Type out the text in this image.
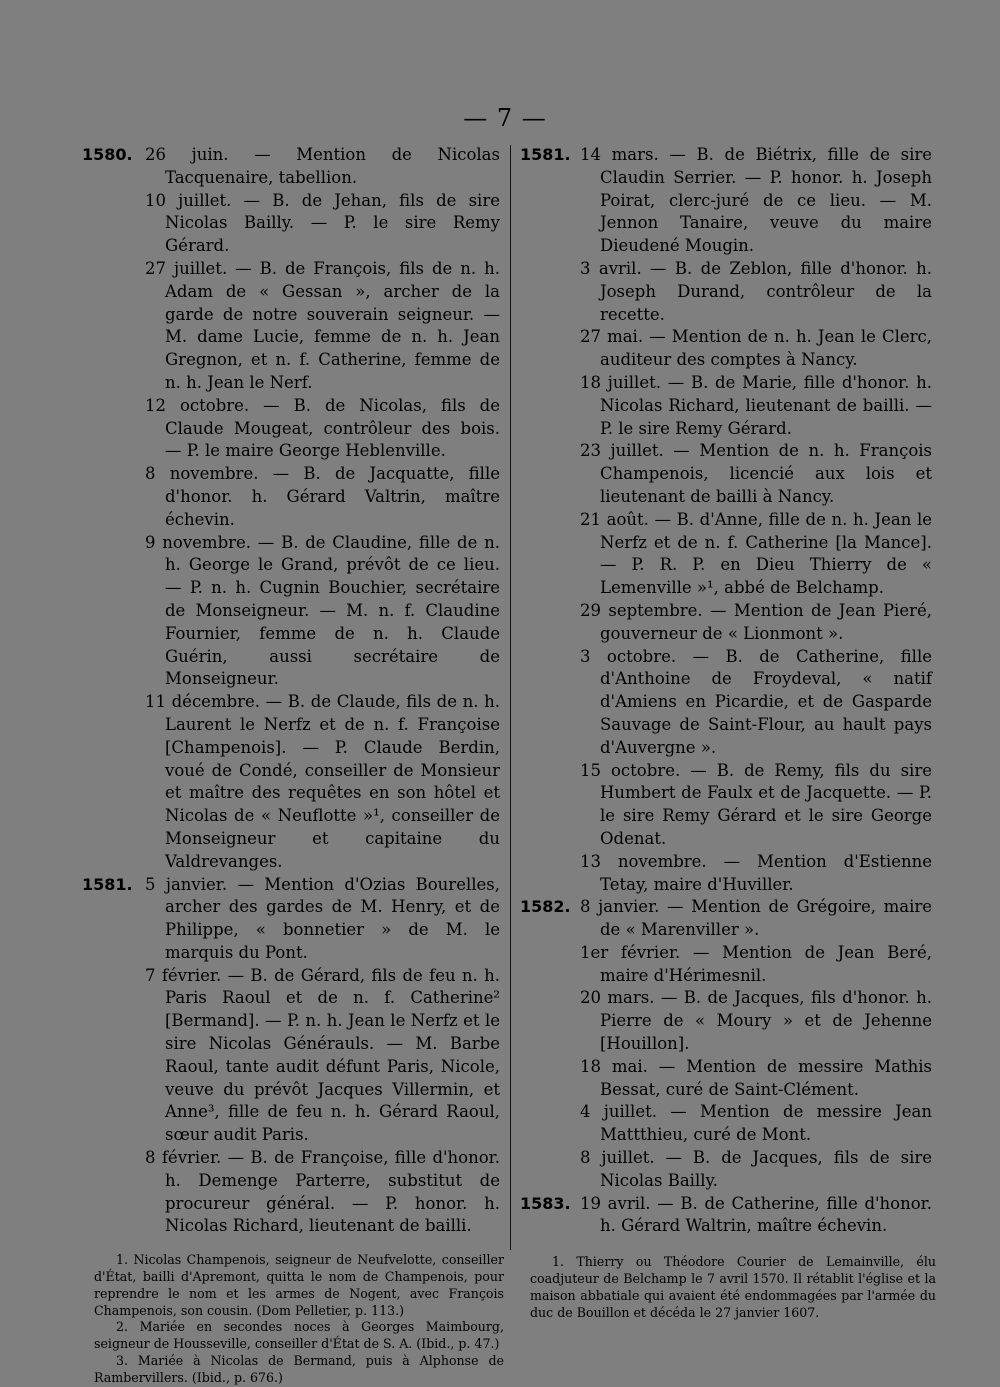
— 7 —
1580. 26 juin. — Mention de Nicolas Tacquenaire, tabellion.
10 juillet. — B. de Jehan, fils de sire Nicolas Bailly. — P. le sire Remy Gérard.
27 juillet. — B. de François, fils de n. h. Adam de « Gessan », archer de la garde de notre souverain seigneur. — M. dame Lucie, femme de n. h. Jean Gregnon, et n. f. Catherine, femme de n. h. Jean le Nerf.
12 octobre. — B. de Nicolas, fils de Claude Mougeat, contrôleur des bois. — P. le maire George Heblenville.
8 novembre. — B. de Jacquatte, fille d'honor. h. Gérard Valtrin, maître échevin.
9 novembre. — B. de Claudine, fille de n. h. George le Grand, prévôt de ce lieu. — P. n. h. Cugnin Bouchier, secrétaire de Monseigneur. — M. n. f. Claudine Fournier, femme de n. h. Claude Guérin, aussi secrétaire de Monseigneur.
11 décembre. — B. de Claude, fils de n. h. Laurent le Nerfz et de n. f. Françoise [Champenois]. — P. Claude Berdin, voué de Condé, conseiller de Monsieur et maître des requêtes en son hôtel et Nicolas de « Neuflotte »¹, conseiller de Monseigneur et capitaine du Valdrevanges.
1581. 5 janvier. — Mention d'Ozias Bourelles, archer des gardes de M. Henry, et de Philippe, « bonnetier » de M. le marquis du Pont.
7 février. — B. de Gérard, fils de feu n. h. Paris Raoul et de n. f. Catherine² [Bermand]. — P. n. h. Jean le Nerfz et le sire Nicolas Générauls. — M. Barbe Raoul, tante audit défunt Paris, Nicole, veuve du prévôt Jacques Villermin, et Anne³, fille de feu n. h. Gérard Raoul, sœur audit Paris.
8 février. — B. de Françoise, fille d'honor. h. Demenge Parterre, substitut de procureur général. — P. honor. h. Nicolas Richard, lieutenant de bailli.
1. Nicolas Champenois, seigneur de Neufvelotte, conseiller d'État, bailli d'Apremont, quitta le nom de Champenois, pour reprendre le nom et les armes de Nogent, avec François Champenois, son cousin. (Dom Pelletier, p. 113.)
2. Mariée en secondes noces à Georges Maimbourg, seigneur de Housseville, conseiller d'État de S. A. (Ibid., p. 47.)
3. Mariée à Nicolas de Bermand, puis à Alphonse de Rambervillers. (Ibid., p. 676.)
1581. 14 mars. — B. de Biétrix, fille de sire Claudin Serrier. — P. honor. h. Joseph Poirat, clerc-juré de ce lieu. — M. Jennon Tanaire, veuve du maire Dieudené Mougin.
3 avril. — B. de Zeblon, fille d'honor. h. Joseph Durand, contrôleur de la recette.
27 mai. — Mention de n. h. Jean le Clerc, auditeur des comptes à Nancy.
18 juillet. — B. de Marie, fille d'honor. h. Nicolas Richard, lieutenant de bailli. — P. le sire Remy Gérard.
23 juillet. — Mention de n. h. François Champenois, licencié aux lois et lieutenant de bailli à Nancy.
21 août. — B. d'Anne, fille de n. h. Jean le Nerfz et de n. f. Catherine [la Mance]. — P. R. P. en Dieu Thierry de « Lemenville »¹, abbé de Belchamp.
29 septembre. — Mention de Jean Pieré, gouverneur de « Lionmont ».
3 octobre. — B. de Catherine, fille d'Anthoine de Froydeval, « natif d'Amiens en Picardie, et de Gasparde Sauvage de Saint-Flour, au hault pays d'Auvergne ».
15 octobre. — B. de Remy, fils du sire Humbert de Faulx et de Jacquette. — P. le sire Remy Gérard et le sire George Odenat.
13 novembre. — Mention d'Estienne Tetay, maire d'Huviller.
1582. 8 janvier. — Mention de Grégoire, maire de « Marenviller ».
1er février. — Mention de Jean Beré, maire d'Hérimesnil.
20 mars. — B. de Jacques, fils d'honor. h. Pierre de « Moury » et de Jehenne [Houillon].
18 mai. — Mention de messire Mathis Bessat, curé de Saint-Clément.
4 juillet. — Mention de messire Jean Mattthieu, curé de Mont.
8 juillet. — B. de Jacques, fils de sire Nicolas Bailly.
1583. 19 avril. — B. de Catherine, fille d'honor. h. Gérard Waltrin, maître échevin.
1. Thierry ou Théodore Courier de Lemainville, élu coadjuteur de Belchamp le 7 avril 1570. Il rétablit l'église et la maison abbatiale qui avaient été endommagées par l'armée du duc de Bouillon et décéda le 27 janvier 1607.
